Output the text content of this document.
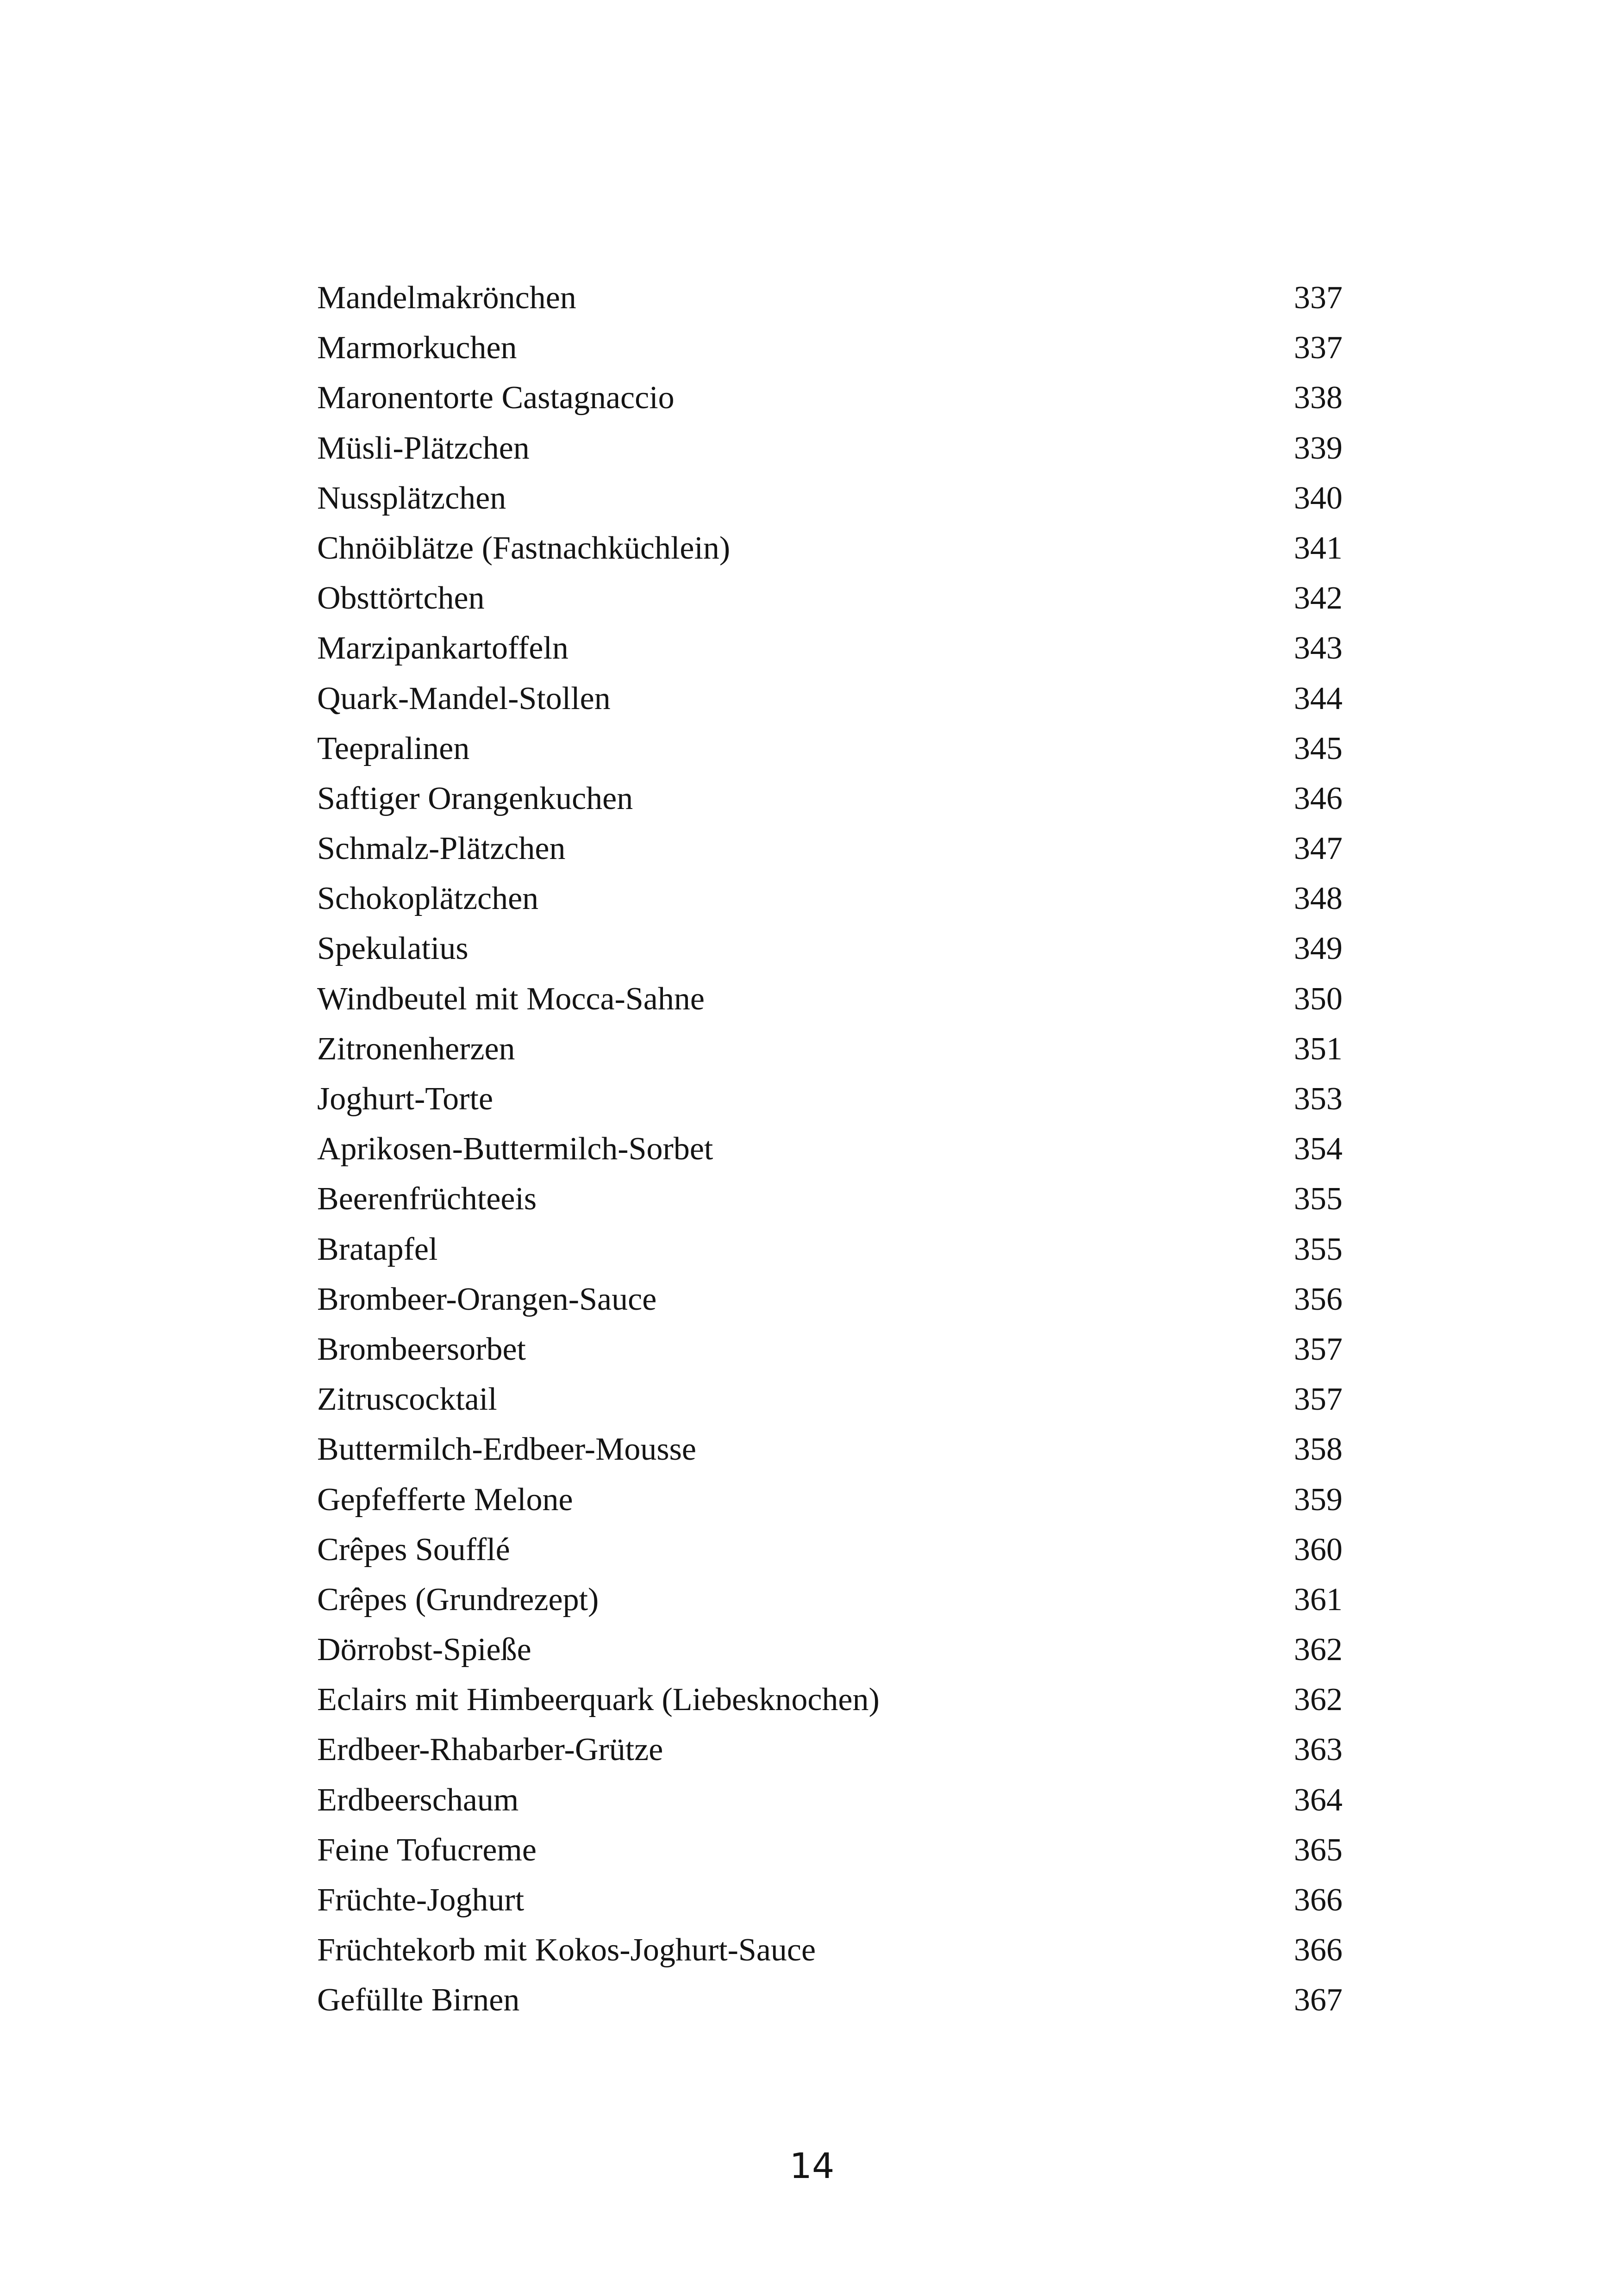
Mandelmakrönchen	337
Marmorkuchen	337
Maronentorte Castagnaccio	338
Müsli-Plätzchen	339
Nussplätzchen	340
Chnöiblätze (Fastnachküchlein)	341
Obsttörtchen	342
Marzipankartoffeln	343
Quark-Mandel-Stollen	344
Teepralinen	345
Saftiger Orangenkuchen	346
Schmalz-Plätzchen	347
Schokoplätzchen	348
Spekulatius	349
Windbeutel mit Mocca-Sahne	350
Zitronenherzen	351
Joghurt-Torte	353
Aprikosen-Buttermilch-Sorbet	354
Beerenfrüchteeis	355
Bratapfel	355
Brombeer-Orangen-Sauce	356
Brombeersorbet	357
Zitruscocktail	357
Buttermilch-Erdbeer-Mousse	358
Gepfefferte Melone	359
Crêpes Soufflé	360
Crêpes (Grundrezept)	361
Dörrobst-Spieße	362
Eclairs mit Himbeerquark (Liebesknochen)	362
Erdbeer-Rhabarber-Grütze	363
Erdbeerschaum	364
Feine Tofucreme	365
Früchte-Joghurt	366
Früchtekorb mit Kokos-Joghurt-Sauce	366
Gefüllte Birnen	367
14
